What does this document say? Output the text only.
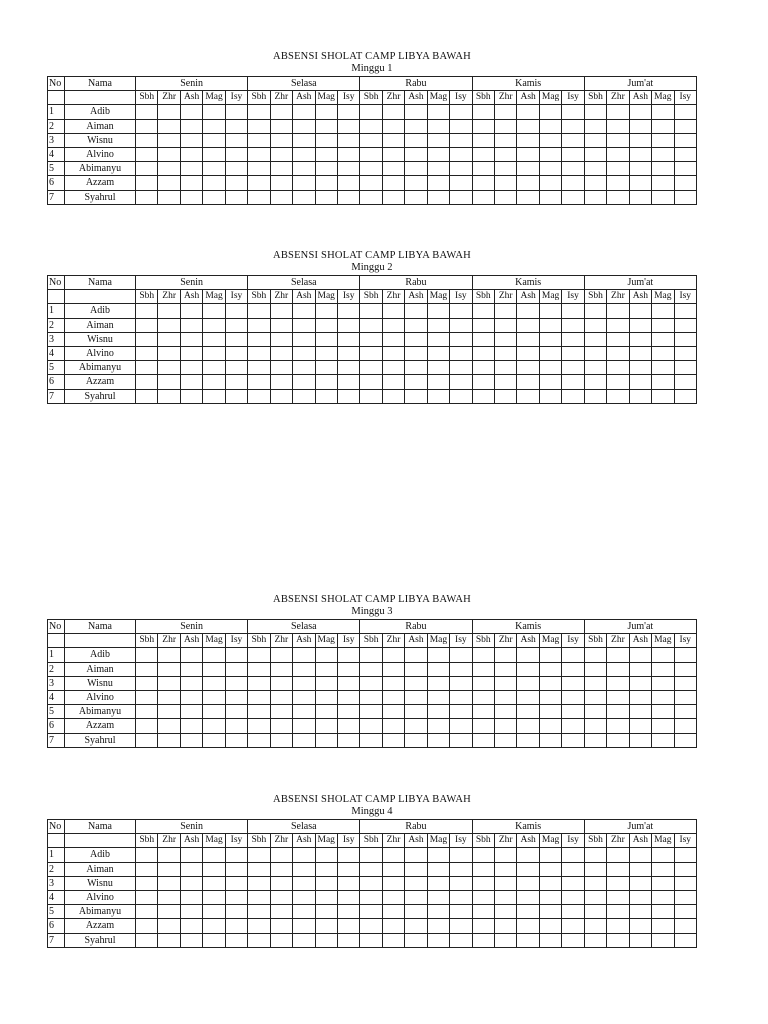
ABSENSI SHOLAT CAMP LIBYA BAWAH
Minggu 1
No	Nama	Senin					Selasa					Rabu					Kamis					Jum'at				
		Sbh	Zhr	Ash	Mag	Isy	Sbh	Zhr	Ash	Mag	Isy	Sbh	Zhr	Ash	Mag	Isy	Sbh	Zhr	Ash	Mag	Isy	Sbh	Zhr	Ash	Mag	Isy
1	Adib																									
2	Aiman																									
3	Wisnu																									
4	Alvino																									
5	Abimanyu																									
6	Azzam																									
7	Syahrul																									
ABSENSI SHOLAT CAMP LIBYA BAWAH
Minggu 2
No	Nama	Senin					Selasa					Rabu					Kamis					Jum'at				
		Sbh	Zhr	Ash	Mag	Isy	Sbh	Zhr	Ash	Mag	Isy	Sbh	Zhr	Ash	Mag	Isy	Sbh	Zhr	Ash	Mag	Isy	Sbh	Zhr	Ash	Mag	Isy
1	Adib																									
2	Aiman																									
3	Wisnu																									
4	Alvino																									
5	Abimanyu																									
6	Azzam																									
7	Syahrul																									
ABSENSI SHOLAT CAMP LIBYA BAWAH
Minggu 3
No	Nama	Senin					Selasa					Rabu					Kamis					Jum'at				
		Sbh	Zhr	Ash	Mag	Isy	Sbh	Zhr	Ash	Mag	Isy	Sbh	Zhr	Ash	Mag	Isy	Sbh	Zhr	Ash	Mag	Isy	Sbh	Zhr	Ash	Mag	Isy
1	Adib																									
2	Aiman																									
3	Wisnu																									
4	Alvino																									
5	Abimanyu																									
6	Azzam																									
7	Syahrul																									
ABSENSI SHOLAT CAMP LIBYA BAWAH
Minggu 4
No	Nama	Senin					Selasa					Rabu					Kamis					Jum'at				
		Sbh	Zhr	Ash	Mag	Isy	Sbh	Zhr	Ash	Mag	Isy	Sbh	Zhr	Ash	Mag	Isy	Sbh	Zhr	Ash	Mag	Isy	Sbh	Zhr	Ash	Mag	Isy
1	Adib																									
2	Aiman																									
3	Wisnu																									
4	Alvino																									
5	Abimanyu																									
6	Azzam																									
7	Syahrul																									
